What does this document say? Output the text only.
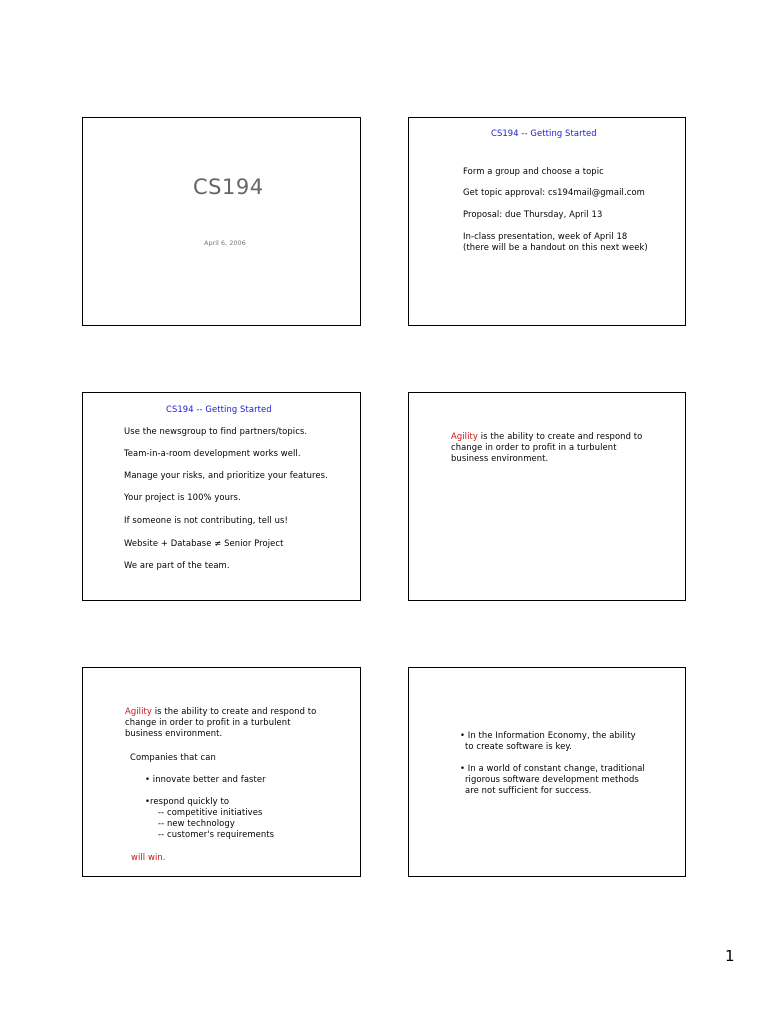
CS194
April 6, 2006
CS194 -- Getting Started
Form a group and choose a topic
Get topic approval: cs194mail@gmail.com
Proposal: due Thursday, April 13
In-class presentation, week of April 18
(there will be a handout on this next week)
CS194 -- Getting Started
Use the newsgroup to find partners/topics.
Team-in-a-room development works well.
Manage your risks, and prioritize your features.
Your project is 100% yours.
If someone is not contributing, tell us!
Website + Database ≠ Senior Project
We are part of the team.
Agility is the ability to create and respond to
change in order to profit in a turbulent
business environment.
Agility is the ability to create and respond to
change in order to profit in a turbulent
business environment.
Companies that can
• innovate better and faster
•respond quickly to
-- competitive initiatives
-- new technology
-- customer's requirements
will win.
• In the Information Economy, the ability
to create software is key.
• In a world of constant change, traditional
rigorous software development methods
are not sufficient for success.
1
